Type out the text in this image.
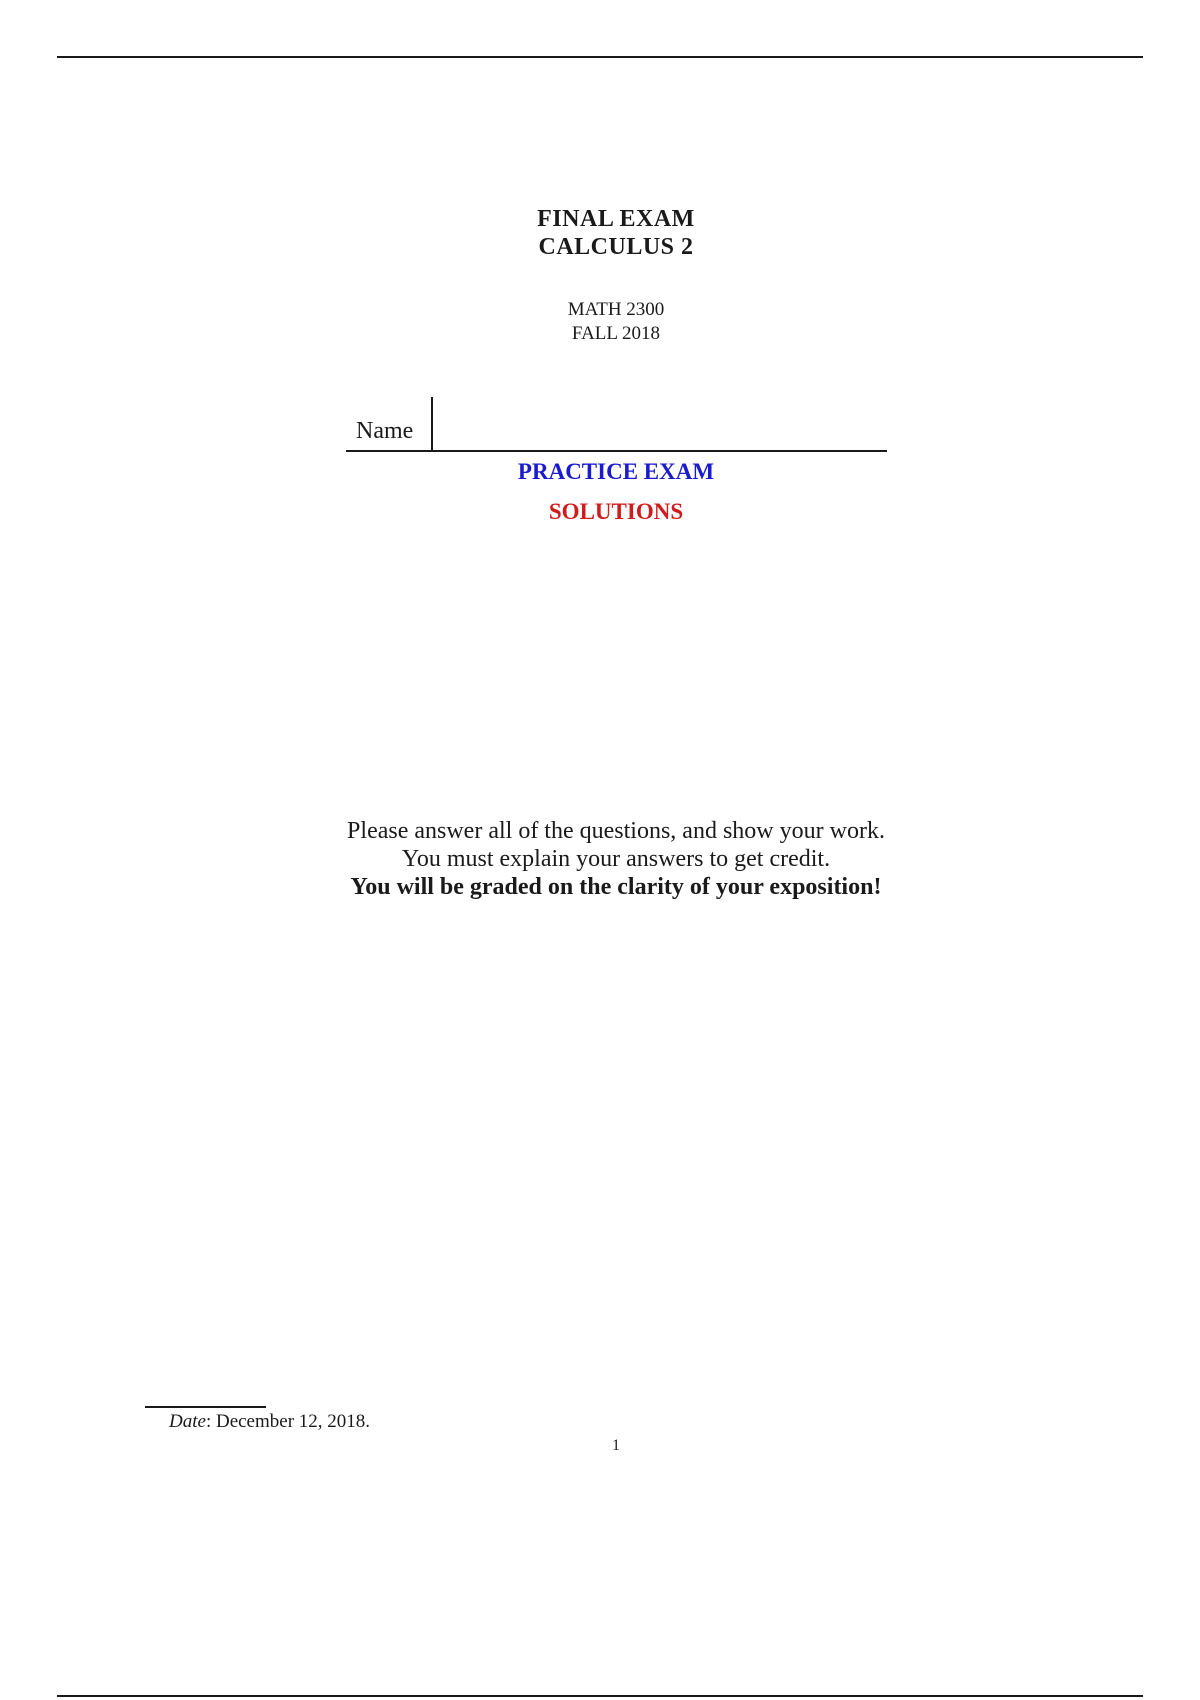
FINAL EXAM
CALCULUS 2
MATH 2300
FALL 2018
Name
PRACTICE EXAM
SOLUTIONS
Please answer all of the questions, and show your work.
You must explain your answers to get credit.
You will be graded on the clarity of your exposition!
Date: December 12, 2018.
1
